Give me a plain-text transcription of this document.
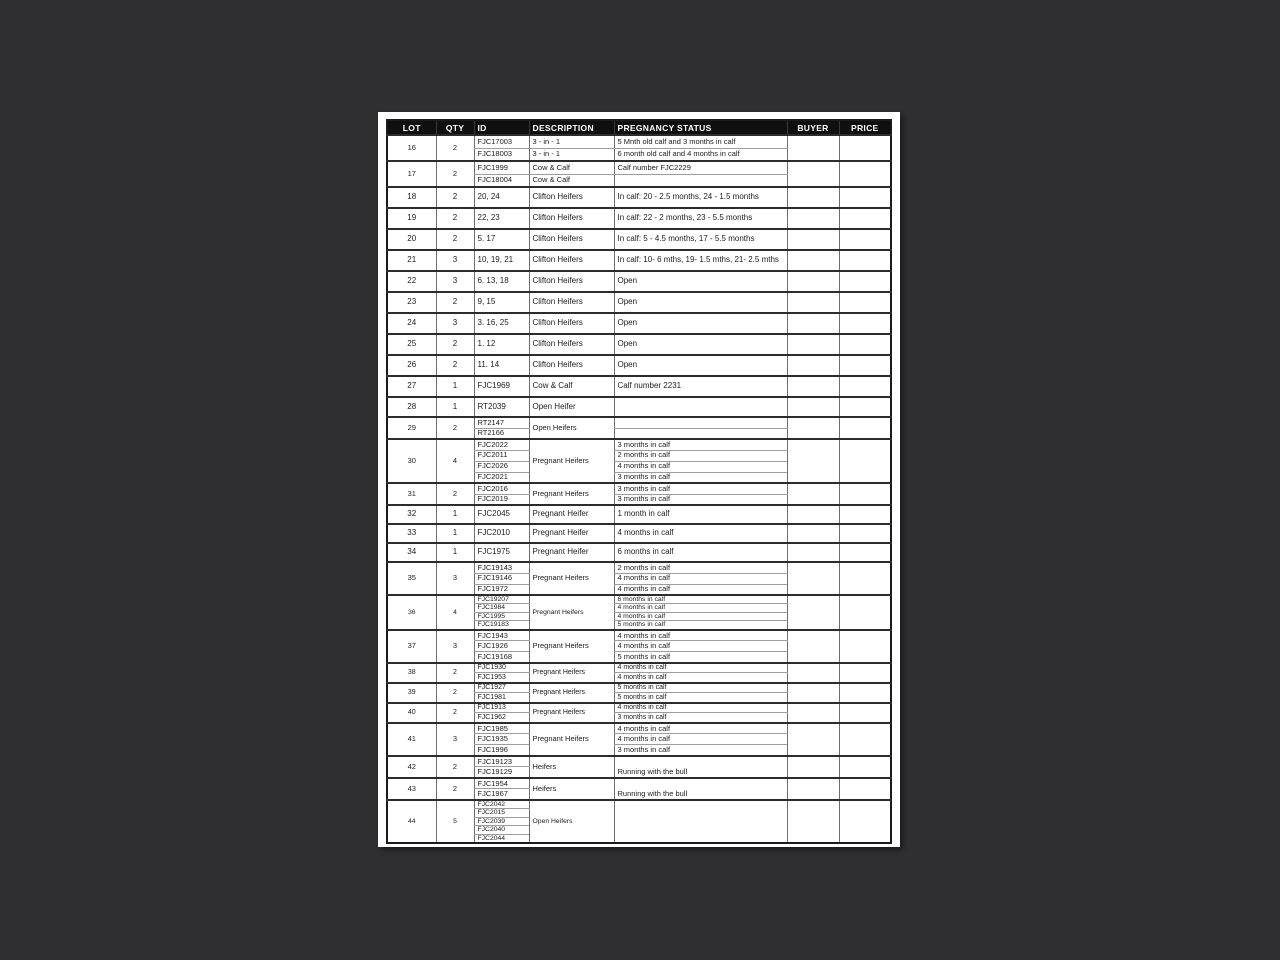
LOT	QTY	ID	DESCRIPTION	PREGNANCY STATUS	BUYER	PRICE
16	2	FJC17003	3 - in - 1	5 Mnth old calf and 3 months in calf		
		FJC18003	3 - in - 1	6 month old calf and 4 months in calf		
17	2	FJC1999	Cow & Calf	Calf number FJC2229		
		FJC18004	Cow & Calf			
18	2	20, 24	Clifton Heifers	In calf: 20 - 2.5 months, 24 - 1.5 months		
19	2	22, 23	Clifton Heifers	In calf: 22 - 2 months, 23 - 5.5 months		
20	2	5. 17	Clifton Heifers	In calf: 5 - 4.5 months, 17 - 5.5 months		
21	3	10, 19, 21	Clifton Heifers	In calf: 10- 6 mths, 19- 1.5 mths, 21- 2.5 mths		
22	3	6. 13, 18	Clifton Heifers	Open		
23	2	9, 15	Clifton Heifers	Open		
24	3	3. 16, 25	Clifton Heifers	Open		
25	2	1. 12	Clifton Heifers	Open		
26	2	11. 14	Clifton Heifers	Open		
27	1	FJC1969	Cow & Calf	Calf number 2231		
28	1	RT2039	Open Heifer			
29	2	RT2147	Open Heifers			
		RT2166				
30	4	FJC2022	Pregnant Heifers	3 months in calf		
		FJC2011		2 months in calf		
		FJC2026		4 months in calf		
		FJC2021		3 months in calf		
31	2	FJC2016	Pregnant Heifers	3 months in calf		
		FJC2019		3 months in calf		
32	1	FJC2045	Pregnant Heifer	1 month in calf		
33	1	FJC2010	Pregnant Heifer	4 months in calf		
34	1	FJC1975	Pregnant Heifer	6 months in calf		
35	3	FJC19143	Pregnant Heifers	2 months in calf		
		FJC19146		4 months in calf		
		FJC1972		4 months in calf		
36	4	FJC19207	Pregnant Heifers	6 months in calf		
		FJC1984		4 months in calf		
		FJC1995		4 months in calf		
		FJC19183		5 months in calf		
37	3	FJC1943	Pregnant Heifers	4 months in calf		
		FJC1926		4 months in calf		
		FJC19168		5 months in calf		
38	2	FJC1930	Pregnant Heifers	4 months in calf		
		FJC1953		4 months in calf		
39	2	FJC1927	Pregnant Heifers	5 months in calf		
		FJC1981		5 months in calf		
40	2	FJC1913	Pregnant Heifers	4 months in calf		
		FJC1962		3 months in calf		
41	3	FJC1985	Pregnant Heifers	4 months in calf		
		FJC1935		4 months in calf		
		FJC1996		3 months in calf		
42	2	FJC19123	Heifers	Running with the bull		
		FJC19129				
43	2	FJC1954	Heifers	Running with the bull		
		FJC1967				
44	5	FJC2042	Open Heifers			
		FJC2015				
		FJC2039				
		FJC2040				
		FJC2044				
